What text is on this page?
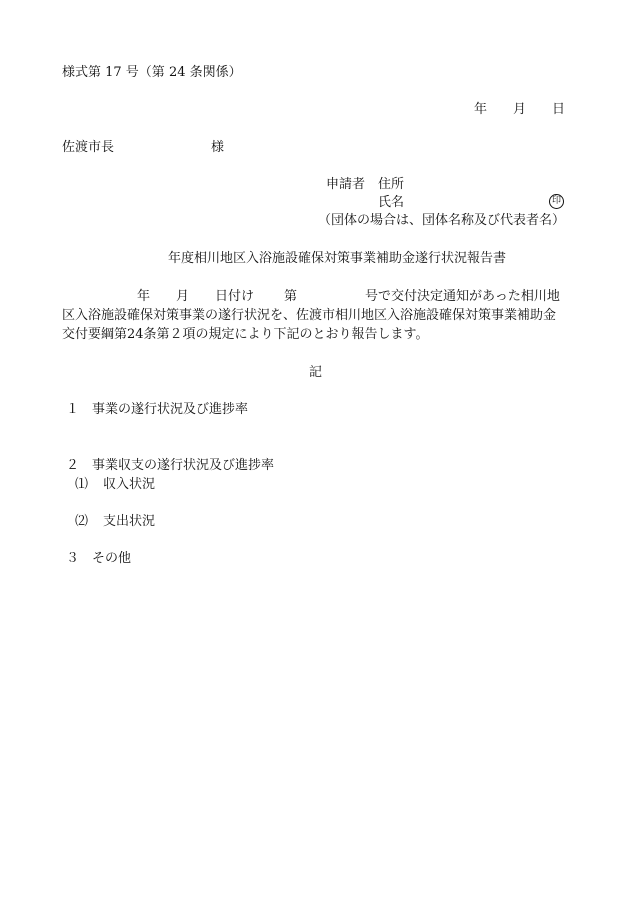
様式第 17 号（第 24 条関係）
年 月 日
佐渡市長	様
申請者 住所
氏名	印
（団体の場合は、団体名称及び代表者名）
年度相川地区入浴施設確保対策事業補助金遂行状況報告書
年 月 日付け 第	号で交付決定通知があった相川地
区入浴施設確保対策事業の遂行状況を、佐渡市相川地区入浴施設確保対策事業補助金
交付要綱第24条第２項の規定により下記のとおり報告します。
記
１ 事業の遂行状況及び進捗率
２ 事業収支の遂行状況及び進捗率
⑴ 収入状況
⑵ 支出状況
３ その他
